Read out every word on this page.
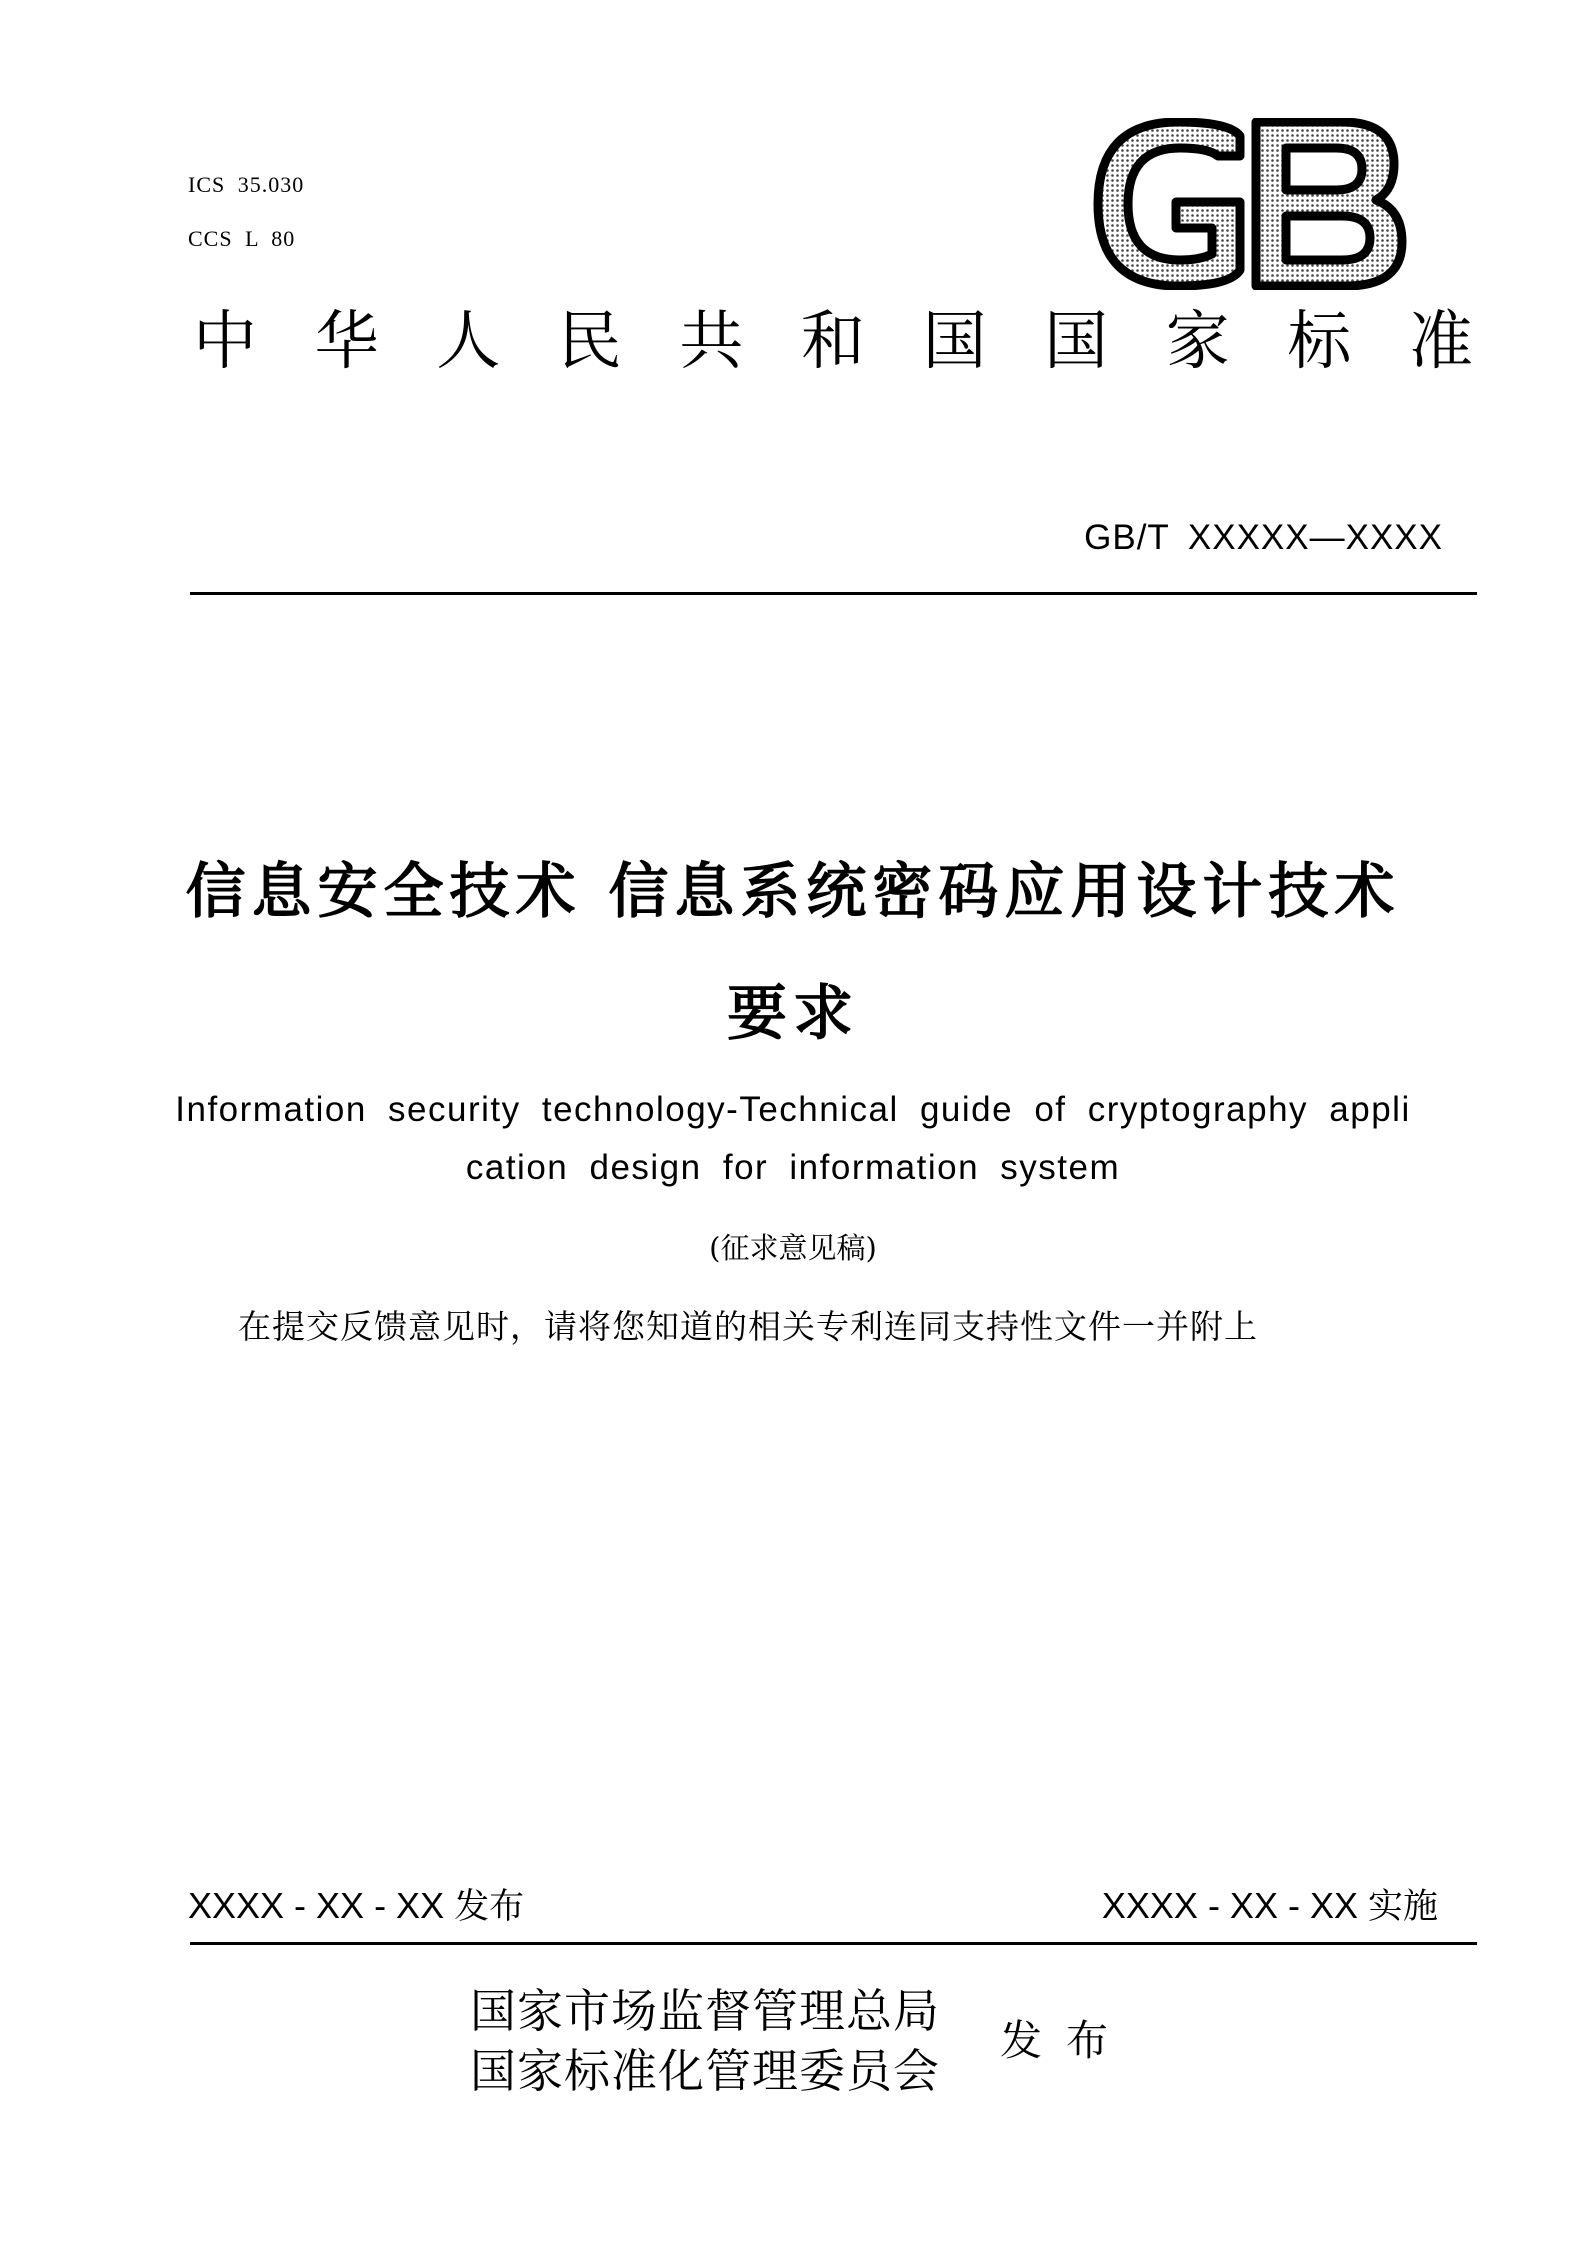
ICS 35.030
CCS L 80
中 华 人 民 共 和 国 国 家 标 准
GB/T XXXXX—XXXX
信息安全技术 信息系统密码应用设计技术
要求
Information security technology-Technical guide of cryptography appli
cation design for information system
(征求意见稿)
在提交反馈意见时，请将您知道的相关专利连同支持性文件一并附上
XXXX - XX - XX 发布	XXXX - XX - XX 实施
国家市场监督管理总局
国家标准化管理委员会
发布
